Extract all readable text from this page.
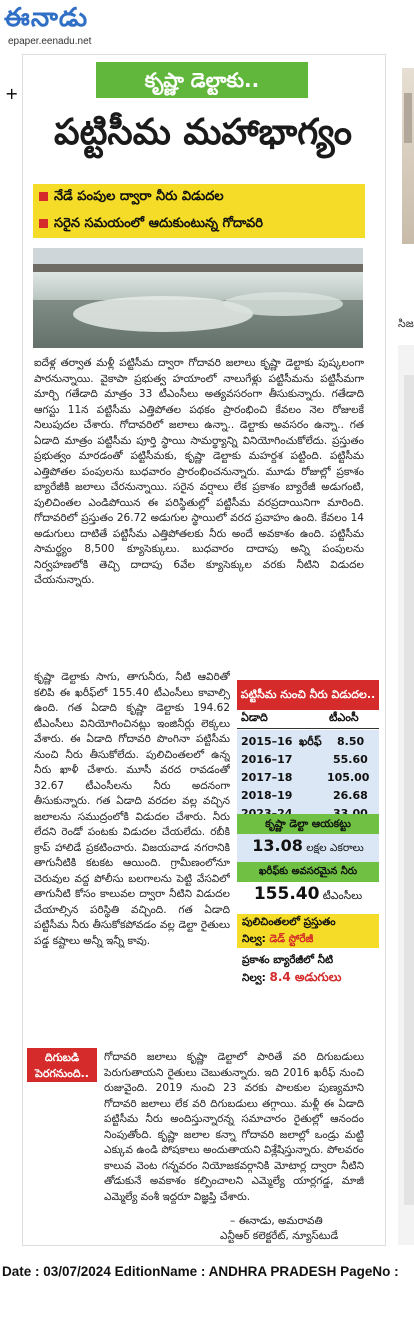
ఈనాడు
epaper.eenadu.net
+
సిజ
కృష్ణా డెల్టాకు..
పట్టిసీమ మహాభాగ్యం
నేడే పంపుల ద్వారా నీరు విడుదల
సరైన సమయంలో ఆదుకుంటున్న గోదావరి
ఐదేళ్ల తర్వాత మళ్లీ పట్టిసీమ ద్వారా గోదావరి జలాలు కృష్ణా డెల్టాకు పుష్కలంగా పారనున్నాయి. వైకాపా ప్రభుత్వ హయాంలో నాలుగేళ్లు పట్టిసీమను పట్టిసీమగా మార్చి గతేడాది మాత్రం 33 టీఎంసీలు అత్యవసరంగా తీసుకున్నారు. గతేడాది ఆగస్టు 11న పట్టిసీమ ఎత్తిపోతల పథకం ప్రారంభించి కేవలం నెల రోజులకే నిలుపుదల చేశారు. గోదావరిలో జలాలు ఉన్నా.. డెల్టాకు అవసరం ఉన్నా.. గత ఏడాది మాత్రం పట్టిసీమ పూర్తి స్థాయి సామర్థ్యాన్ని వినియోగించుకోలేదు. ప్రస్తుతం ప్రభుత్వం మారడంతో పట్టిసీమకు, కృష్ణా డెల్టాకు మహర్దశ పట్టింది. పట్టిసీమ ఎత్తిపోతల పంపులను బుధవారం ప్రారంభించనున్నారు. మూడు రోజుల్లో ప్రకాశం బ్యారేజీకి జలాలు చేరనున్నాయి. సరైన వర్షాలు లేక ప్రకాశం బ్యారేజీ అడుగంటి, పులిచింతల ఎండిపోయిన ఈ పరిస్థితుల్లో పట్టిసీమ వరప్రదాయినిగా మారింది. గోదావరిలో ప్రస్తుతం 26.72 అడుగుల స్థాయిలో వరద ప్రవాహం ఉంది. కేవలం 14 అడుగులు దాటితే పట్టిసీమ ఎత్తిపోతలకు నీరు అందే అవకాశం ఉంది. పట్టిసీమ సామర్థ్యం 8,500 క్యూసెక్కులు. బుధవారం దాదాపు అన్ని పంపులను నిర్వహణలోకి తెచ్చి దాదాపు 6వేల క్యూసెక్కుల వరకు నీటిని విడుదల చేయనున్నారు.
కృష్ణా డెల్టాకు సాగు, తాగునీరు, నీటి ఆవిరితో కలిపి ఈ ఖరీఫ్‌లో 155.40 టీఎంసీలు కావాల్సి ఉంది. గత ఏడాది కృష్ణా డెల్టాకు 194.62 టీఎంసీలు వినియోగించినట్లు ఇంజినీర్లు లెక్కలు వేశారు. ఈ ఏడాది గోదావరి పొంగినా పట్టిసీమ నుంచి నీరు తీసుకోలేదు. పులిచింతలలో ఉన్న నీరు ఖాళీ చేశారు. మూసీ వరద రావడంతో 32.67 టీఎంసీలను నీరు అదనంగా తీసుకున్నారు. గత ఏడాది వరదల వల్ల వచ్చిన జలాలను సముద్రంలోకి విడుదల చేశారు. నీరు లేదని రెండో పంటకు విడుదల చేయలేదు. రబీకి క్రాప్ హాలిడే ప్రకటించారు. విజయవాడ నగరానికి తాగునీటికి కటకట ఆయింది. గ్రామీణంలోనూ చెరువుల వద్ద పోలీసు బలగాలను పెట్టి వేసవిలో తాగునీటి కోసం కాలువల ద్వారా నీటిని విడుదల చేయాల్సిన పరిస్థితి వచ్చింది. గత ఏడాది పట్టిసీమ నీరు తీసుకోకపోవడం వల్ల డెల్టా రైతులు పడ్డ కష్టాలు అన్నీ ఇన్నీ కావు.
పట్టిసీమ నుంచి నీరు విడుదల..
ఏడాది	టీఎంసీ
2015–16 ఖరీఫ్ 8.50
2016–17	55.60
2017–18	105.00
2018–19	26.68
కృష్ణా డెల్టా ఆయకట్టు
13.08 లక్షల ఎకరాలు
ఖరీఫ్‌కు అవసరమైన నీరు
155.40 టీఎంసీలు
పులిచింతలలో ప్రస్తుతం
నిల్వ: డెడ్ స్టోరేజీ
ప్రకాశం బ్యారేజీలో నీటి
నిల్వ: 8.4 అడుగులు
దిగుబడి పెరగనుంది..
గోదావరి జలాలు కృష్ణా డెల్టాలో పారితే వరి దిగుబడులు పెరుగుతాయని రైతులు చెబుతున్నారు. ఇది 2016 ఖరీఫ్ నుంచి రుజువైంది. 2019 నుంచి 23 వరకు పాలకుల పుణ్యమాని గోదావరి జలాలు లేక వరి దిగుబడులు తగ్గాయి. మళ్లీ ఈ ఏడాది పట్టిసీమ నీరు అందిస్తున్నారన్న సమాచారం రైతుల్లో ఆనందం నింపుతోంది. కృష్ణా జలాల కన్నా గోదావరి జలాల్లో ఒండ్రు మట్టి ఎక్కువ ఉండి పోషకాలు అందుతాయని విశ్లేషిస్తున్నారు. పోలవరం కాలువ వెంట గన్నవరం నియోజకవర్గానికి మోటార్ల ద్వారా నీటిని తోడుకునే అవకాశం కల్పించాలని ఎమ్మెల్యే యార్లగడ్డ, మాజీ ఎమ్మెల్యే వంశీ ఇద్దరూ విజ్ఞప్తి చేశారు.
– ఈనాడు, అమరావతి
ఎన్టీఆర్ కలెక్టరేట్, న్యూస్‌టుడే
Date : 03/07/2024 EditionName : ANDHRA PRADESH PageNo :
